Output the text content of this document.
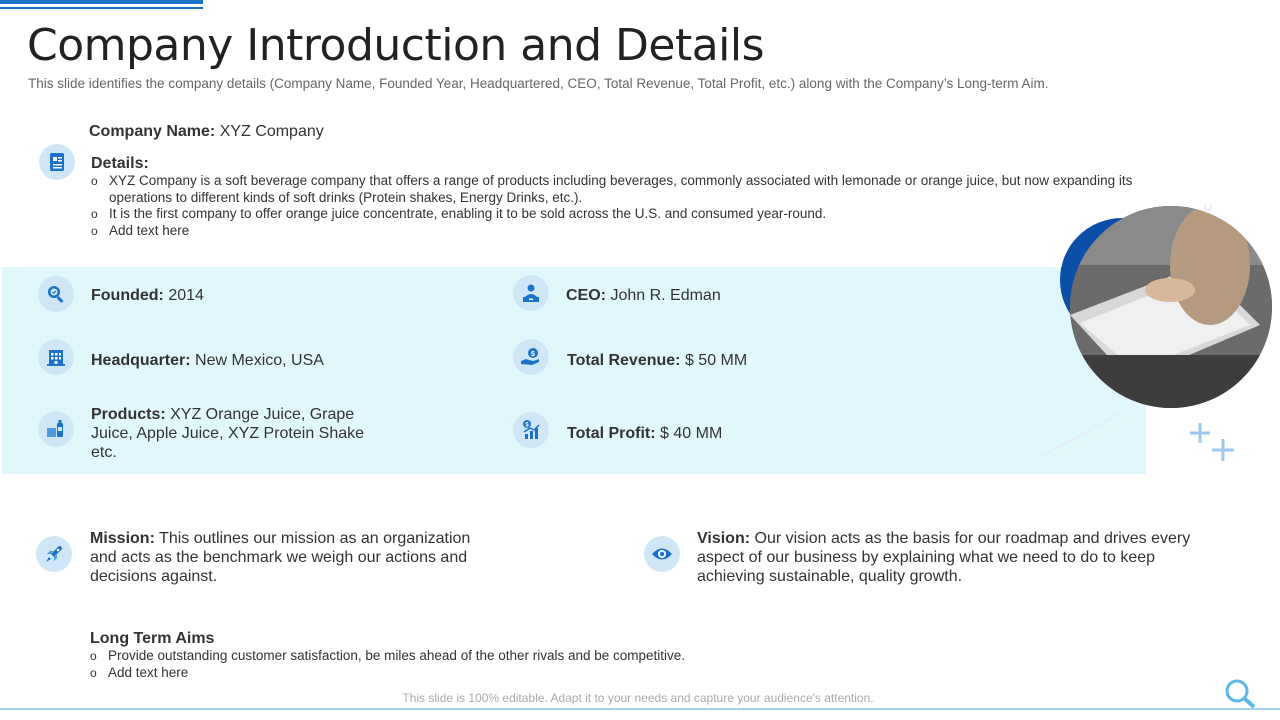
Company Introduction and Details
This slide identifies the company details (Company Name, Founded Year, Headquartered, CEO, Total Revenue, Total Profit, etc.) along with the Company’s Long-term Aim.
Company Name: XYZ Company
Details:
o XYZ Company is a soft beverage company that offers a range of products including beverages, commonly associated with lemonade or orange juice, but now expanding its operations to different kinds of soft drinks (Protein shakes, Energy Drinks, etc.).
o It is the first company to offer orange juice concentrate, enabling it to be sold across the U.S. and consumed year-round.
o Add text here
Founded: 2014
Headquarter: New Mexico, USA
Products: XYZ Orange Juice, Grape Juice, Apple Juice, XYZ Protein Shake etc.
CEO: John R. Edman
$ Total Revenue: $ 50 MM
$ Total Profit: $ 40 MM
Mission: This outlines our mission as an organization and acts as the benchmark we weigh our actions and decisions against.
Vision: Our vision acts as the basis for our roadmap and drives every aspect of our business by explaining what we need to do to keep achieving sustainable, quality growth.
Long Term Aims
o Provide outstanding customer satisfaction, be miles ahead of the other rivals and be competitive.
o Add text here
This slide is 100% editable. Adapt it to your needs and capture your audience's attention.
